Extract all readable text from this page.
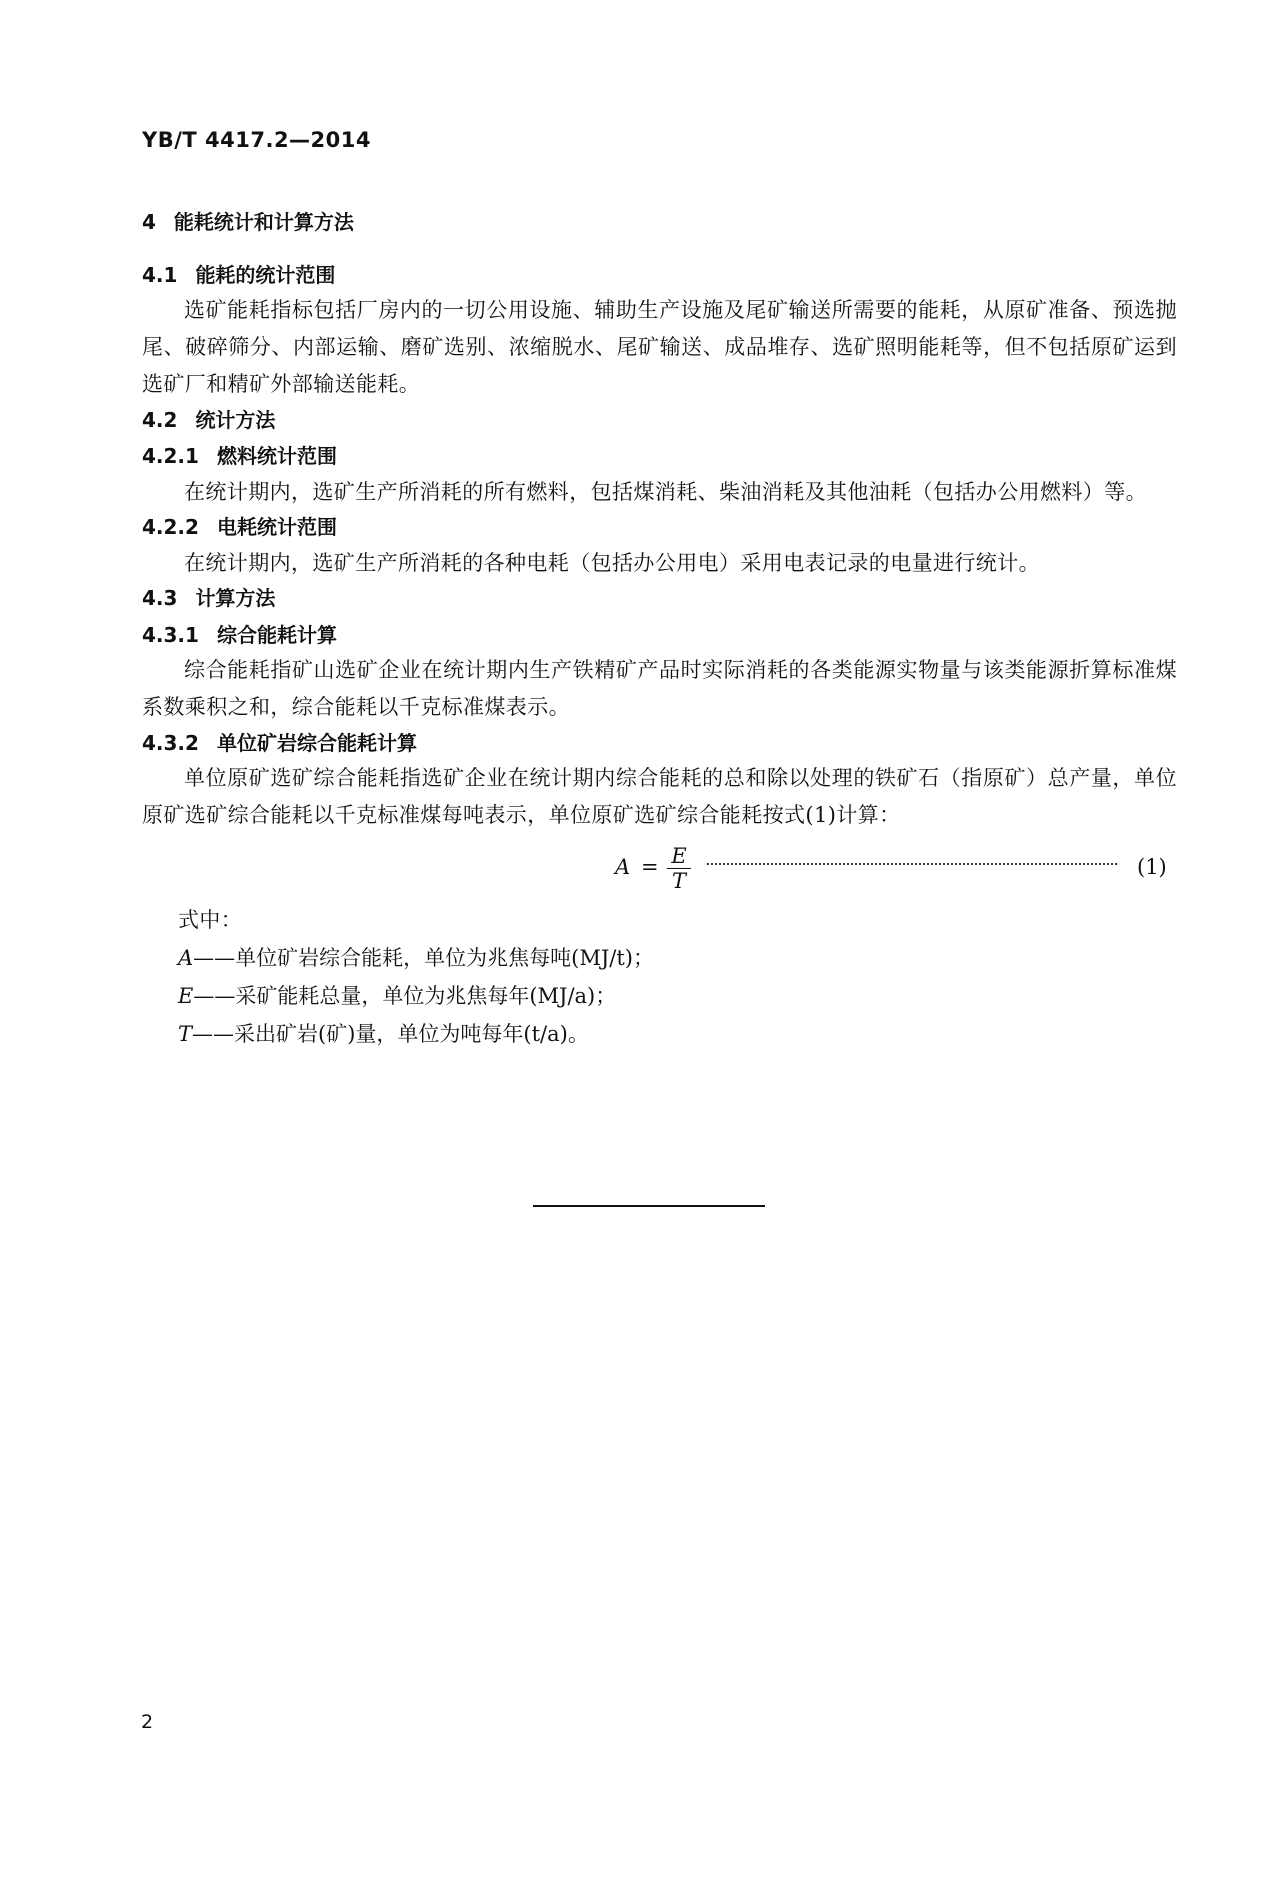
YB/T 4417.2—2014
4 能耗统计和计算方法
4.1 能耗的统计范围
选矿能耗指标包括厂房内的一切公用设施、辅助生产设施及尾矿输送所需要的能耗，从原矿准备、预选抛尾、破碎筛分、内部运输、磨矿选别、浓缩脱水、尾矿输送、成品堆存、选矿照明能耗等，但不包括原矿运到选矿厂和精矿外部输送能耗。
4.2 统计方法
4.2.1 燃料统计范围
在统计期内，选矿生产所消耗的所有燃料，包括煤消耗、柴油消耗及其他油耗（包括办公用燃料）等。
4.2.2 电耗统计范围
在统计期内，选矿生产所消耗的各种电耗（包括办公用电）采用电表记录的电量进行统计。
4.3 计算方法
4.3.1 综合能耗计算
综合能耗指矿山选矿企业在统计期内生产铁精矿产品时实际消耗的各类能源实物量与该类能源折算标准煤系数乘积之和，综合能耗以千克标准煤表示。
4.3.2 单位矿岩综合能耗计算
单位原矿选矿综合能耗指选矿企业在统计期内综合能耗的总和除以处理的铁矿石（指原矿）总产量，单位原矿选矿综合能耗以千克标准煤每吨表示，单位原矿选矿综合能耗按式(1)计算：
A = E
T
(1)
式中：
A——单位矿岩综合能耗，单位为兆焦每吨(MJ/t)；
E——采矿能耗总量，单位为兆焦每年(MJ/a)；
T——采出矿岩(矿)量，单位为吨每年(t/a)。
2
